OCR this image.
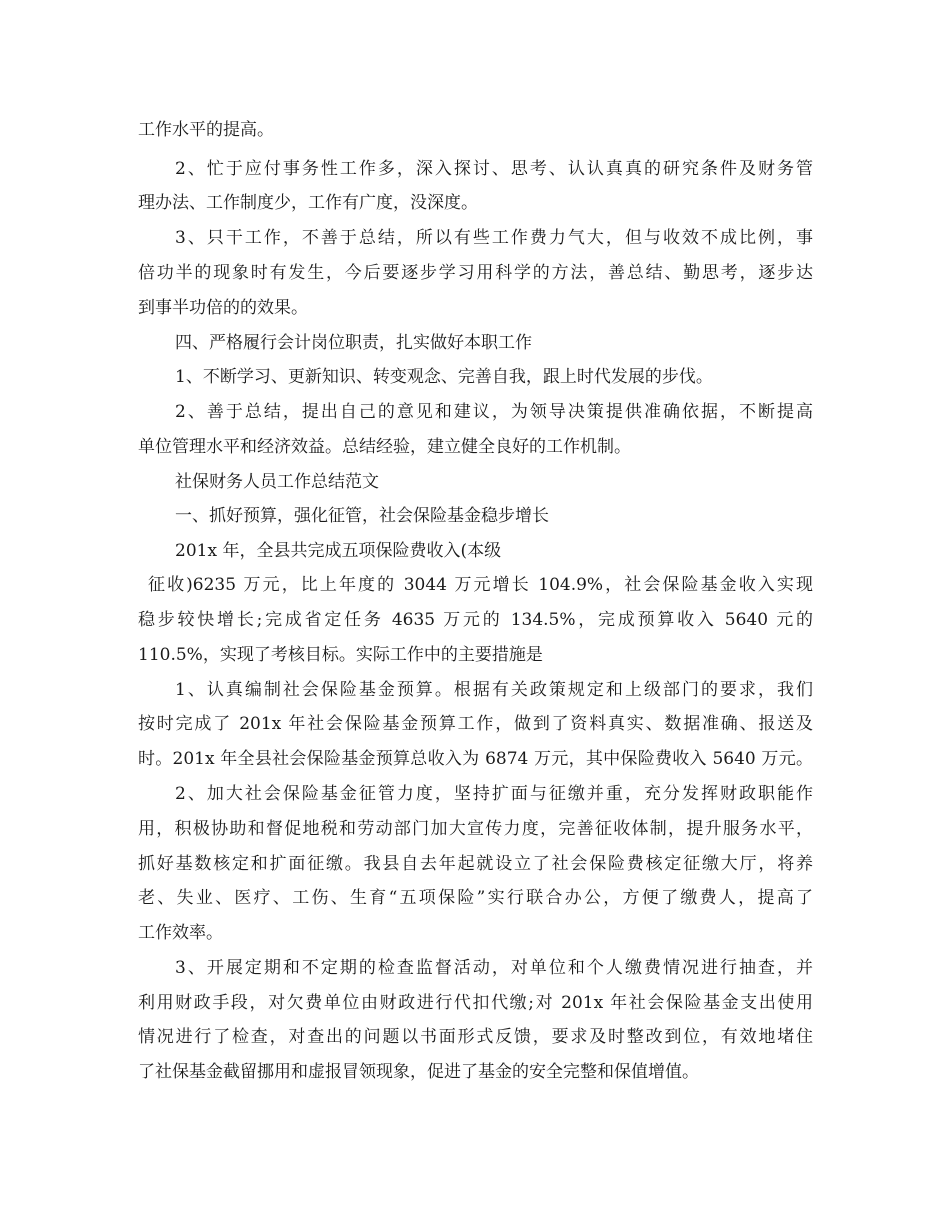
工作水平的提高。
2、忙于应付事务性工作多，深入探讨、思考、认认真真的研究条件及财务管
理办法、工作制度少，工作有广度，没深度。
3、只干工作，不善于总结，所以有些工作费力气大，但与收效不成比例，事
倍功半的现象时有发生，今后要逐步学习用科学的方法，善总结、勤思考，逐步达
到事半功倍的的效果。
四、严格履行会计岗位职责，扎实做好本职工作
1、不断学习、更新知识、转变观念、完善自我，跟上时代发展的步伐。
2、善于总结，提出自己的意见和建议，为领导决策提供准确依据，不断提高
单位管理水平和经济效益。总结经验，建立健全良好的工作机制。
社保财务人员工作总结范文
一、抓好预算，强化征管，社会保险基金稳步增长
201x 年，全县共完成五项保险费收入(本级
征收)6235 万元，比上年度的 3044 万元增长 104.9%，社会保险基金收入实现
稳步较快增长;完成省定任务 4635 万元的 134.5%，完成预算收入 5640 元的
110.5%，实现了考核目标。实际工作中的主要措施是
1、认真编制社会保险基金预算。根据有关政策规定和上级部门的要求，我们
按时完成了 201x 年社会保险基金预算工作，做到了资料真实、数据准确、报送及
时。201x 年全县社会保险基金预算总收入为 6874 万元，其中保险费收入 5640 万元。
2、加大社会保险基金征管力度，坚持扩面与征缴并重，充分发挥财政职能作
用，积极协助和督促地税和劳动部门加大宣传力度，完善征收体制，提升服务水平，
抓好基数核定和扩面征缴。我县自去年起就设立了社会保险费核定征缴大厅，将养
老、失业、医疗、工伤、生育“五项保险”实行联合办公，方便了缴费人，提高了
工作效率。
3、开展定期和不定期的检查监督活动，对单位和个人缴费情况进行抽查，并
利用财政手段，对欠费单位由财政进行代扣代缴;对 201x 年社会保险基金支出使用
情况进行了检查，对查出的问题以书面形式反馈，要求及时整改到位，有效地堵住
了社保基金截留挪用和虚报冒领现象，促进了基金的安全完整和保值增值。
